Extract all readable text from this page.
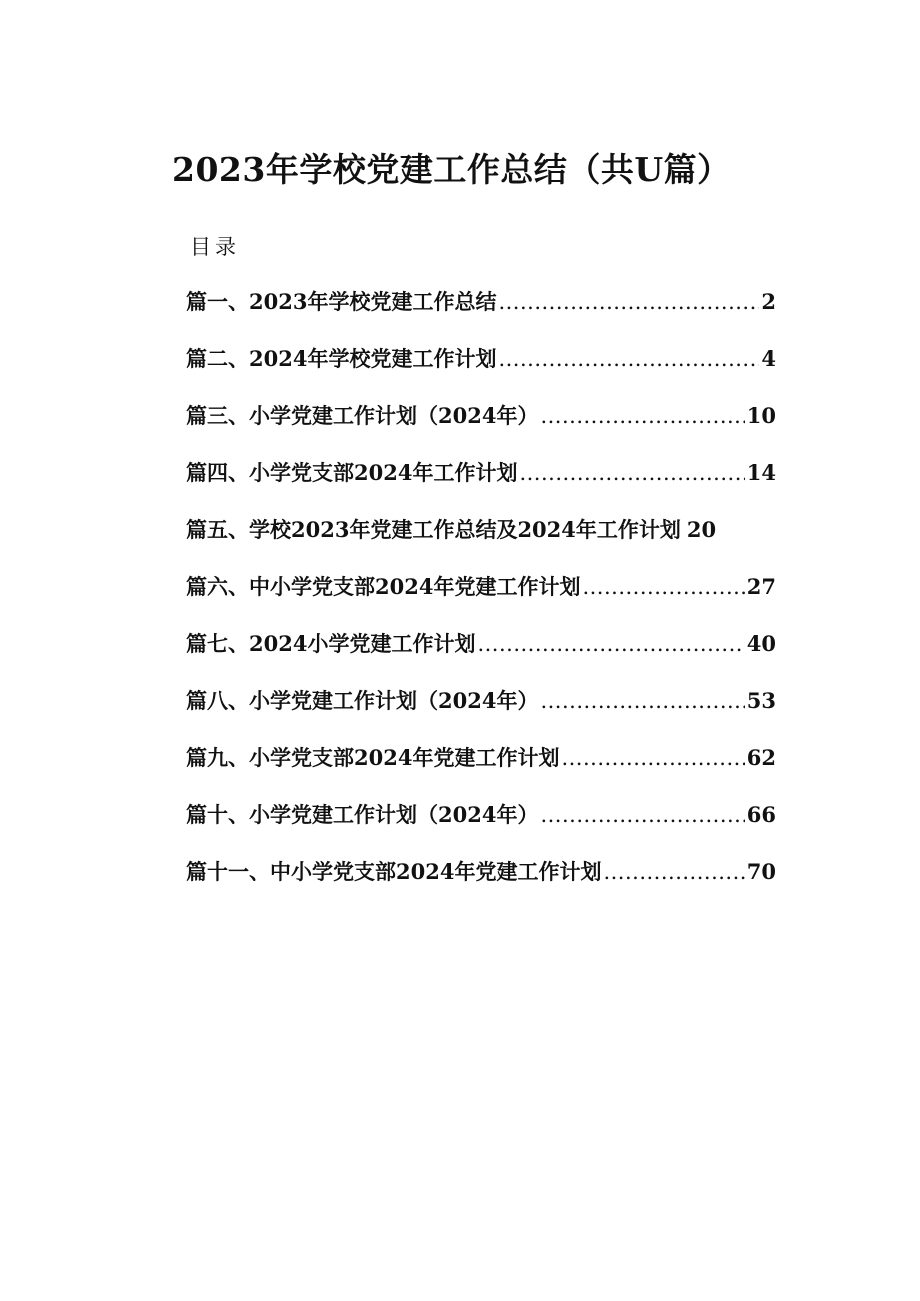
2023年学校党建工作总结（共U篇）
目录
篇一、2023年学校党建工作总结 .....	2
篇二、2024年学校党建工作计划 .....	4
篇三、小学党建工作计划（2024年） .....	10
篇四、小学党支部2024年工作计划 .....	14
篇五、学校2023年党建工作总结及2024年工作计划 20
篇六、中小学党支部2024年党建工作计划 .....	27
篇七、2024小学党建工作计划 .....	40
篇八、小学党建工作计划（2024年） .....	53
篇九、小学党支部2024年党建工作计划 .....	62
篇十、小学党建工作计划（2024年） .....	66
篇十一、中小学党支部2024年党建工作计划 .....	70
